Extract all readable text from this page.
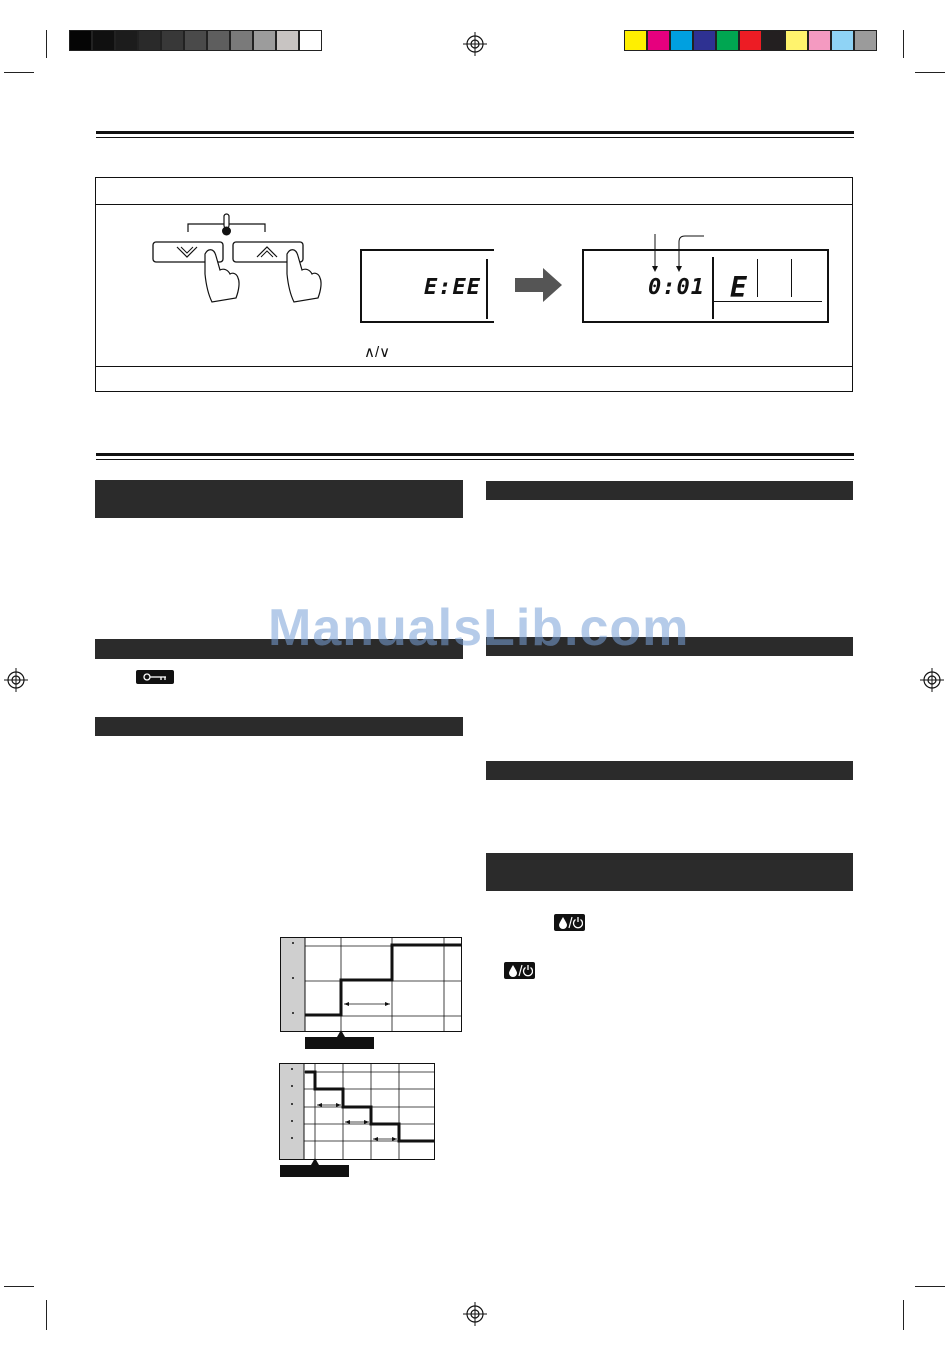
E:EE	0:01 E
∧/∨
ManualsLib.com
